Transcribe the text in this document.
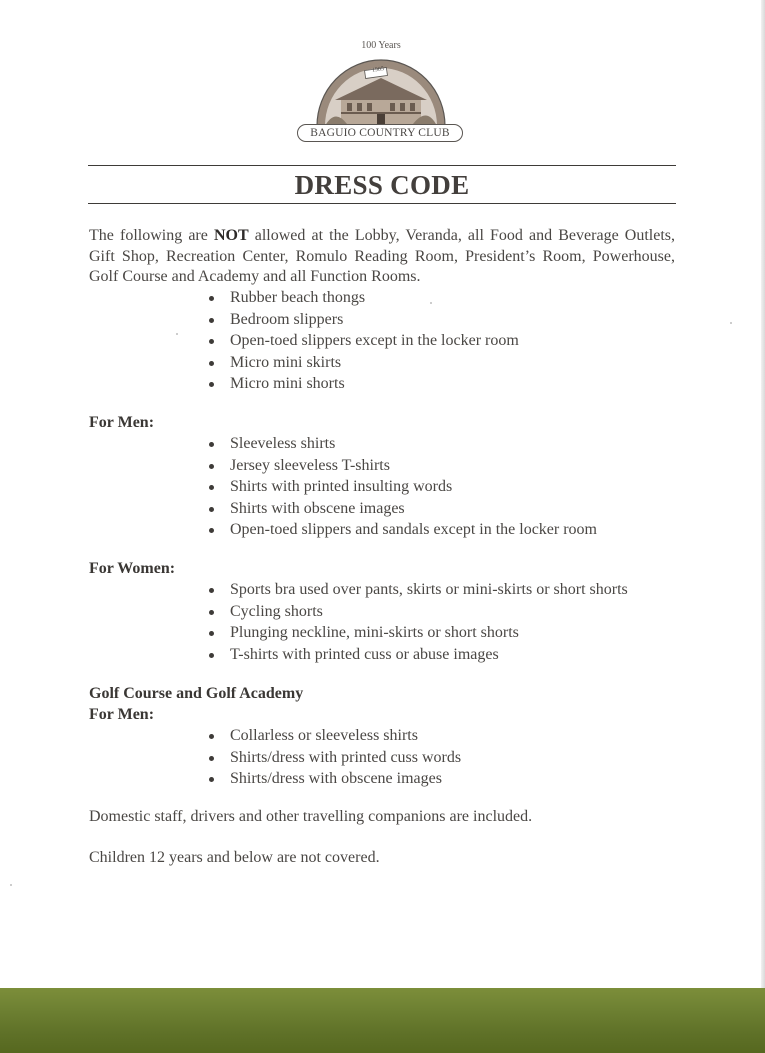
100 Years
1905
BAGUIO COUNTRY CLUB
DRESS CODE
The following are NOT allowed at the Lobby, Veranda, all Food and Beverage Outlets, Gift Shop, Recreation Center, Romulo Reading Room, President’s Room, Powerhouse, Golf Course and Academy and all Function Rooms.
Rubber beach thongs
Bedroom slippers
Open-toed slippers except in the locker room
Micro mini skirts
Micro mini shorts
For Men:
Sleeveless shirts
Jersey sleeveless T-shirts
Shirts with printed insulting words
Shirts with obscene images
Open-toed slippers and sandals except in the locker room
For Women:
Sports bra used over pants, skirts or mini-skirts or short shorts
Cycling shorts
Plunging neckline, mini-skirts or short shorts
T-shirts with printed cuss or abuse images
Golf Course and Golf Academy
For Men:
Collarless or sleeveless shirts
Shirts/dress with printed cuss words
Shirts/dress with obscene images
Domestic staff, drivers and other travelling companions are included.
Children 12 years and below are not covered.
